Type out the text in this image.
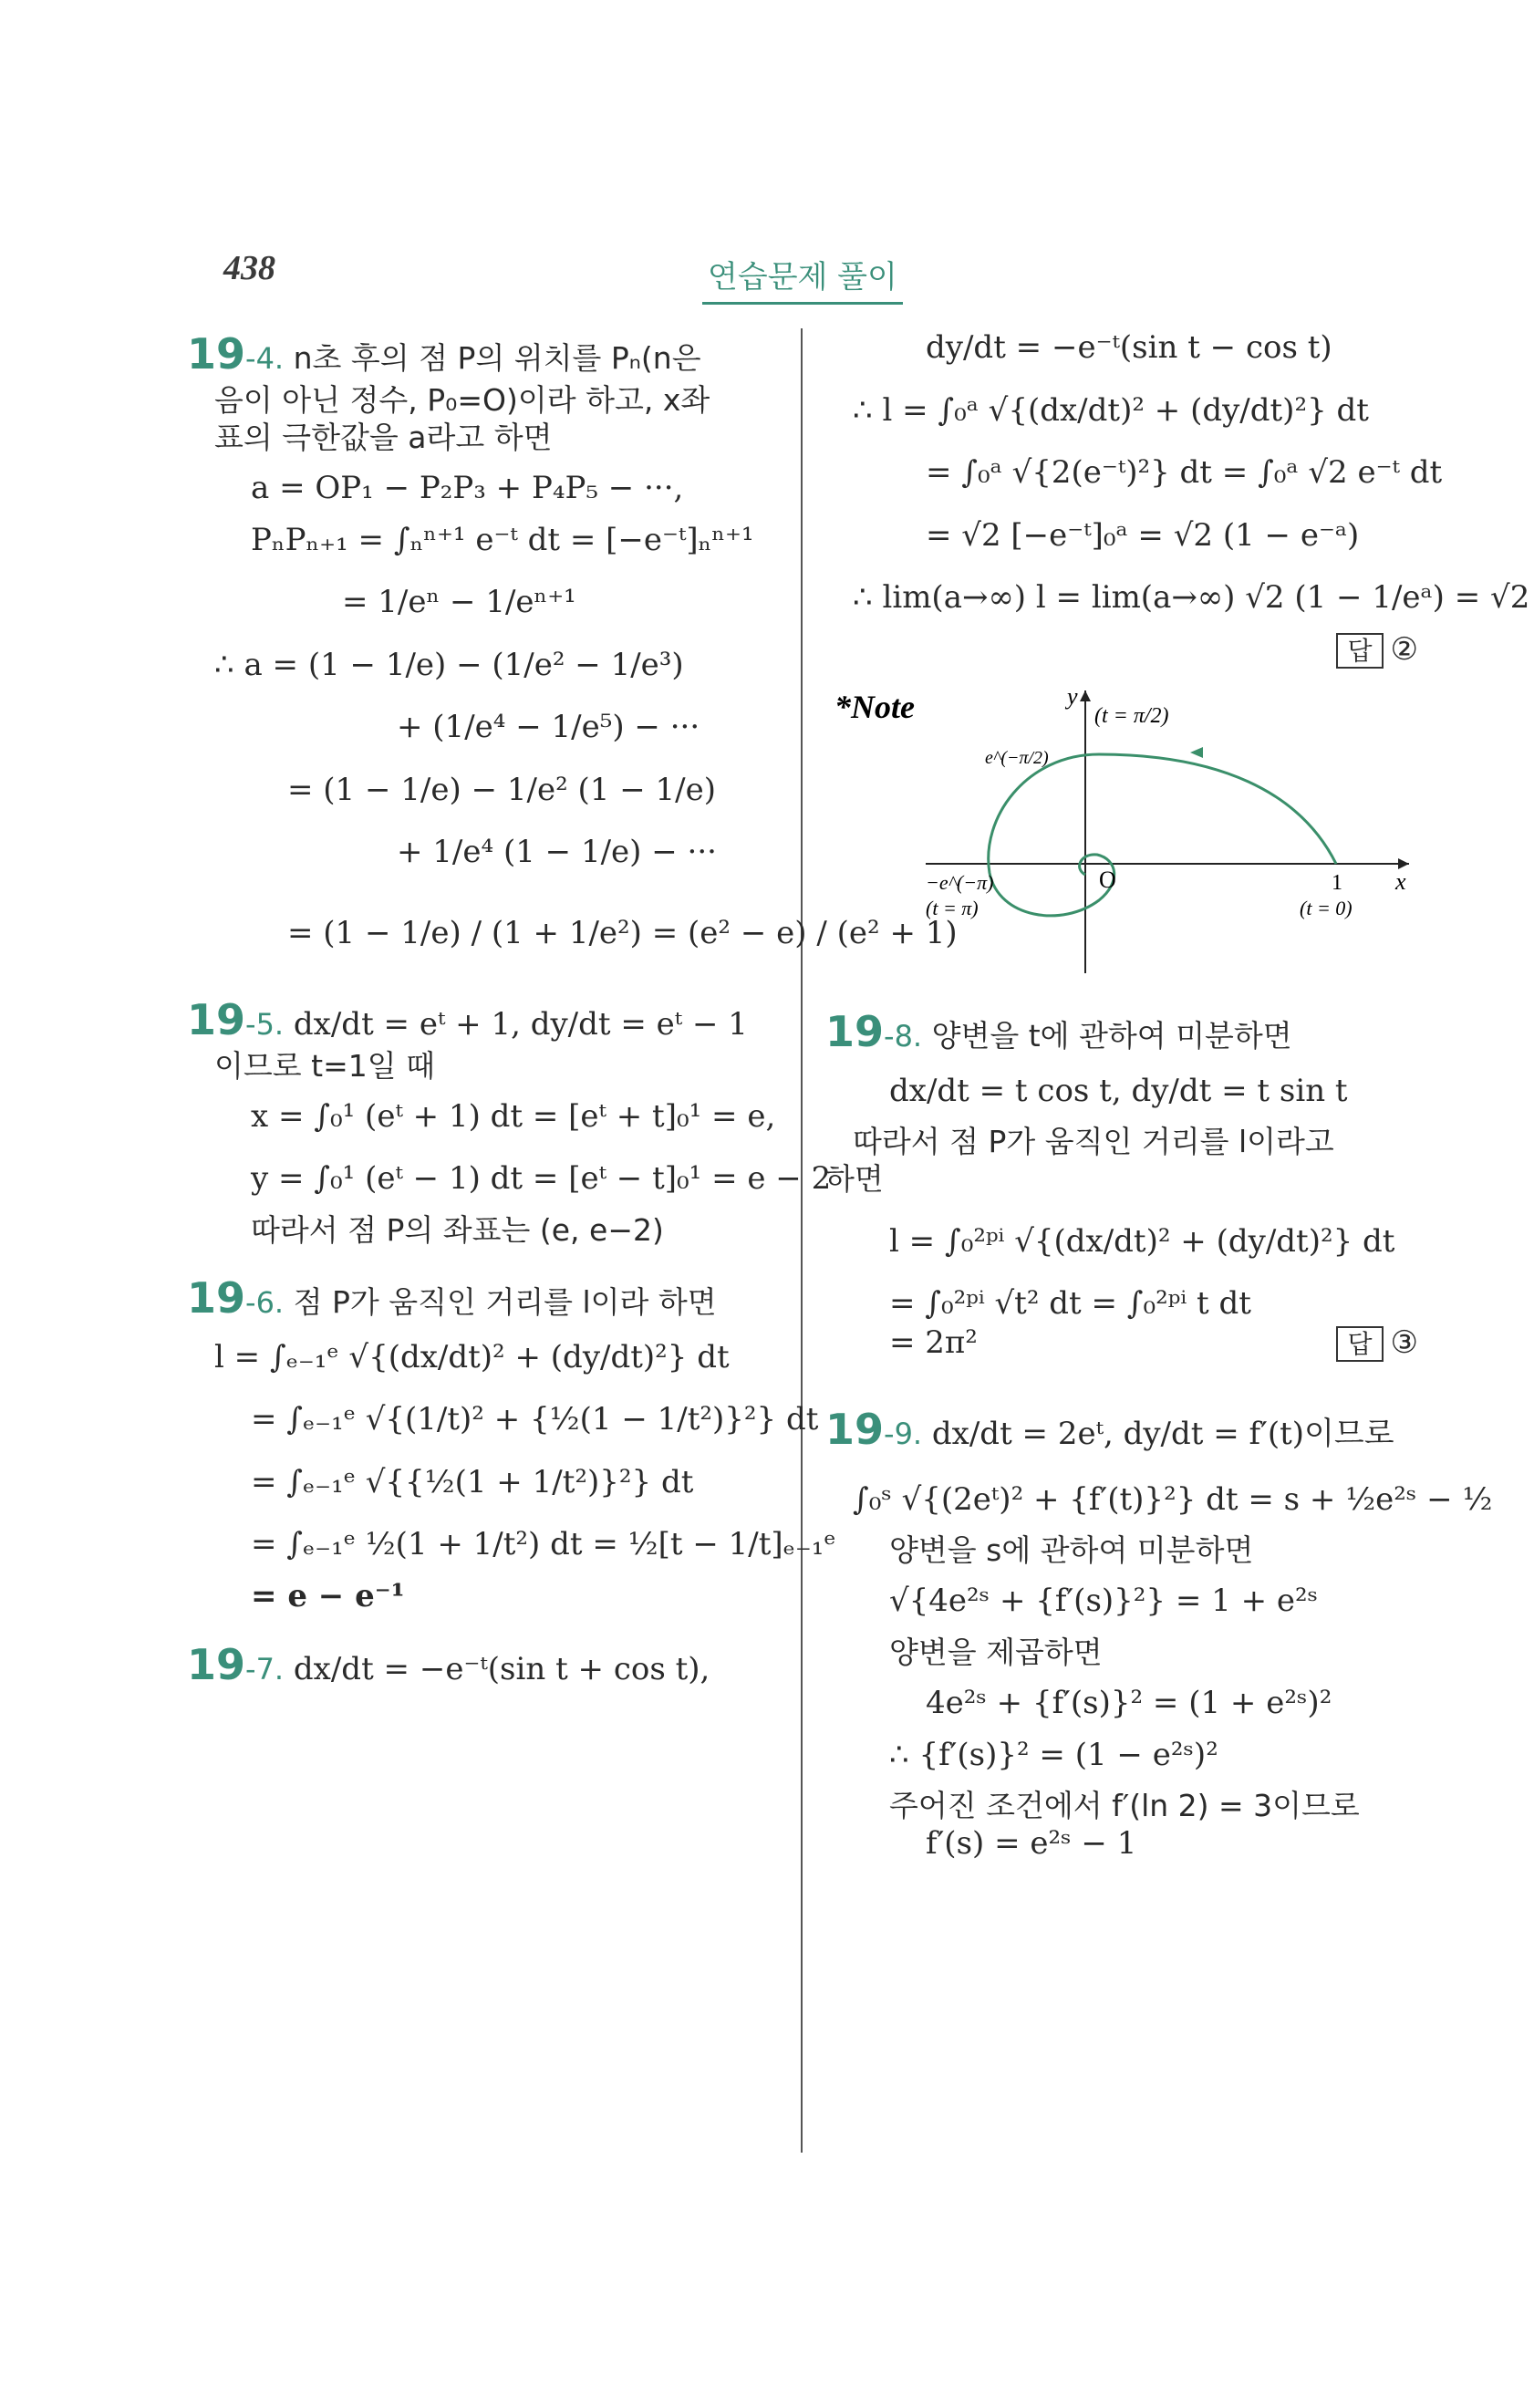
438	연습문제 풀이

19-4. n초 후의 점 P의 위치를 Pₙ(n은

음이 아닌 정수, P₀=O)이라 하고, x좌

표의 극한값을 a라고 하면

a = OP₁ − P₂P₃ + P₄P₅ − ···,

PₙPₙ₊₁ = ∫ₙⁿ⁺¹ e⁻ᵗ dt = [−e⁻ᵗ]ₙⁿ⁺¹

= 1/eⁿ − 1/eⁿ⁺¹

∴ a = (1 − 1/e) − (1/e² − 1/e³)

+ (1/e⁴ − 1/e⁵) − ···

= (1 − 1/e) − 1/e² (1 − 1/e)

+ 1/e⁴ (1 − 1/e) − ···

= (1 − 1/e) / (1 + 1/e²) = (e² − e) / (e² + 1)

19-5. dx/dt = eᵗ + 1, dy/dt = eᵗ − 1

이므로 t=1일 때

x = ∫₀¹ (eᵗ + 1) dt = [eᵗ + t]₀¹ = e,

y = ∫₀¹ (eᵗ − 1) dt = [eᵗ − t]₀¹ = e − 2

따라서 점 P의 좌표는 (e, e−2)

19-6. 점 P가 움직인 거리를 l이라 하면

l = ∫ₑ₋₁ᵉ √{(dx/dt)² + (dy/dt)²} dt

= ∫ₑ₋₁ᵉ √{(1/t)² + {½(1 − 1/t²)}²} dt

= ∫ₑ₋₁ᵉ √{{½(1 + 1/t²)}²} dt

= ∫ₑ₋₁ᵉ ½(1 + 1/t²) dt = ½[t − 1/t]ₑ₋₁ᵉ

= e − e⁻¹

19-7. dx/dt = −e⁻ᵗ(sin t + cos t),

dy/dt = −e⁻ᵗ(sin t − cos t)

∴ l = ∫₀ᵃ √{(dx/dt)² + (dy/dt)²} dt

= ∫₀ᵃ √{2(e⁻ᵗ)²} dt = ∫₀ᵃ √2 e⁻ᵗ dt

= √2 [−e⁻ᵗ]₀ᵃ = √2 (1 − e⁻ᵃ)

∴ lim(a→∞) l = lim(a→∞) √2 (1 − 1/eᵃ) = √2

답 ②

*Note	y
x
O
e^(−π/2)
(t = π/2)
−e^(−π)
(t = π)
1
(t = 0)

19-8. 양변을 t에 관하여 미분하면

dx/dt = t cos t, dy/dt = t sin t

따라서 점 P가 움직인 거리를 l이라고

하면

l = ∫₀²ᵖⁱ √{(dx/dt)² + (dy/dt)²} dt

= ∫₀²ᵖⁱ √t² dt = ∫₀²ᵖⁱ t dt

= 2π²	답 ③

19-9. dx/dt = 2eᵗ, dy/dt = f′(t)이므로

∫₀ˢ √{(2eᵗ)² + {f′(t)}²} dt = s + ½e²ˢ − ½

양변을 s에 관하여 미분하면

√{4e²ˢ + {f′(s)}²} = 1 + e²ˢ

양변을 제곱하면

4e²ˢ + {f′(s)}² = (1 + e²ˢ)²

∴ {f′(s)}² = (1 − e²ˢ)²

주어진 조건에서 f′(ln 2) = 3이므로

f′(s) = e²ˢ − 1
